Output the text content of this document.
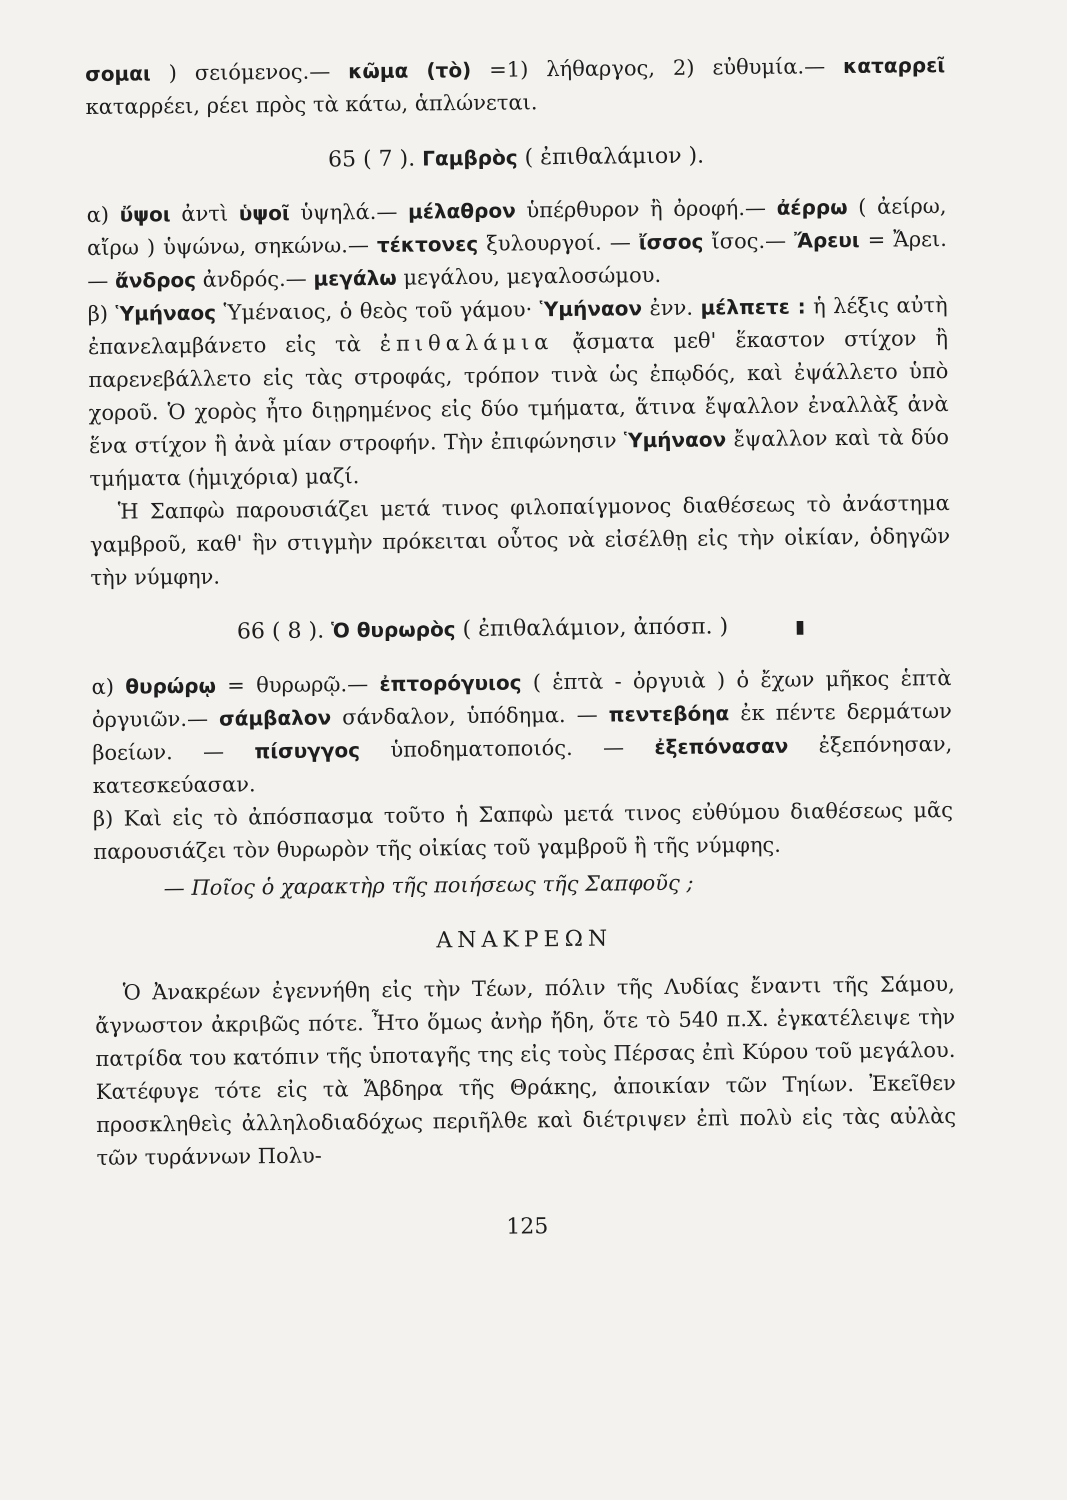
σομαι ) σειόμενος.— κῶμα (τὸ) =1) λήθαργος, 2) εὐθυμία.— καταρρεῖ καταρρέει, ρέει πρὸς τὰ κάτω, ἁπλώνεται.

65 ( 7 ). Γαμβρὸς ( ἐπιθαλάμιον ).

α) ὔψοι ἀντὶ ὑψοῖ ὑψηλά.— μέλαθρον ὑπέρθυρον ἢ ὀροφή.— ἀέρρω ( ἀείρω, αἴρω ) ὑψώνω, σηκώνω.— τέκτονες ξυλουργοί. — ἴσσος ἴσος.— Ἄρευι = Ἄρει.— ἄνδρος ἀνδρός.— μεγάλω μεγάλου, μεγαλοσώμου.

β) Ὑμήναος Ὑμέναιος, ὁ θεὸς τοῦ γάμου· Ὑμήναον ἐνν. μέλπετε : ἡ λέξις αὐτὴ ἐπανελαμβάνετο εἰς τὰ ἐπιθαλάμια ᾄσματα μεθ' ἕκαστον στίχον ἢ παρενεβάλλετο εἰς τὰς στροφάς, τρόπον τινὰ ὡς ἐπῳδός, καὶ ἐψάλλετο ὑπὸ χοροῦ. Ὁ χορὸς ἦτο διῃρημένος εἰς δύο τμήματα, ἅτινα ἔψαλλον ἐναλλὰξ ἀνὰ ἕνα στίχον ἢ ἀνὰ μίαν στροφήν. Τὴν ἐπιφώνησιν Ὑμήναον ἔψαλλον καὶ τὰ δύο τμήματα (ἡμιχόρια) μαζί.

Ἡ Σαπφὼ παρουσιάζει μετά τινος φιλοπαίγμονος διαθέσεως τὸ ἀνάστημα γαμβροῦ, καθ' ἣν στιγμὴν πρόκειται οὗτος νὰ εἰσέλθῃ εἰς τὴν οἰκίαν, ὁδηγῶν τὴν νύμφην.

66 ( 8 ). Ὁ θυρωρὸς ( ἐπιθαλάμιον, ἀπόσπ. )	▮

α) θυρώρῳ = θυρωρῷ.— ἐπτορόγυιος ( ἑπτὰ - ὀργυιὰ ) ὁ ἔχων μῆκος ἑπτὰ ὀργυιῶν.— σάμβαλον σάνδαλον, ὑπόδημα. — πεντεβόηα ἐκ πέντε δερμάτων βοείων. — πίσυγγος ὑποδηματοποιός. — ἐξεπόνασαν ἐξεπόνησαν, κατεσκεύασαν.

β) Καὶ εἰς τὸ ἀπόσπασμα τοῦτο ἡ Σαπφὼ μετά τινος εὐθύμου διαθέσεως μᾶς παρουσιάζει τὸν θυρωρὸν τῆς οἰκίας τοῦ γαμβροῦ ἢ τῆς νύμφης.

— Ποῖος ὁ χαρακτὴρ τῆς ποιήσεως τῆς Σαπφοῦς ;

ΑΝΑΚΡΕΩΝ

Ὁ Ἀνακρέων ἐγεννήθη εἰς τὴν Τέων, πόλιν τῆς Λυδίας ἔναντι τῆς Σάμου, ἄγνωστον ἀκριβῶς πότε. Ἦτο ὅμως ἀνὴρ ἤδη, ὅτε τὸ 540 π.Χ. ἐγκατέλειψε τὴν πατρίδα του κατόπιν τῆς ὑποταγῆς της εἰς τοὺς Πέρσας ἐπὶ Κύρου τοῦ μεγάλου. Κατέφυγε τότε εἰς τὰ Ἄβδηρα τῆς Θράκης, ἀποικίαν τῶν Τηίων. Ἐκεῖθεν προσκληθεὶς ἀλληλοδιαδόχως περιῆλθε καὶ διέτριψεν ἐπὶ πολὺ εἰς τὰς αὐλὰς τῶν τυράννων Πολυ-

125
